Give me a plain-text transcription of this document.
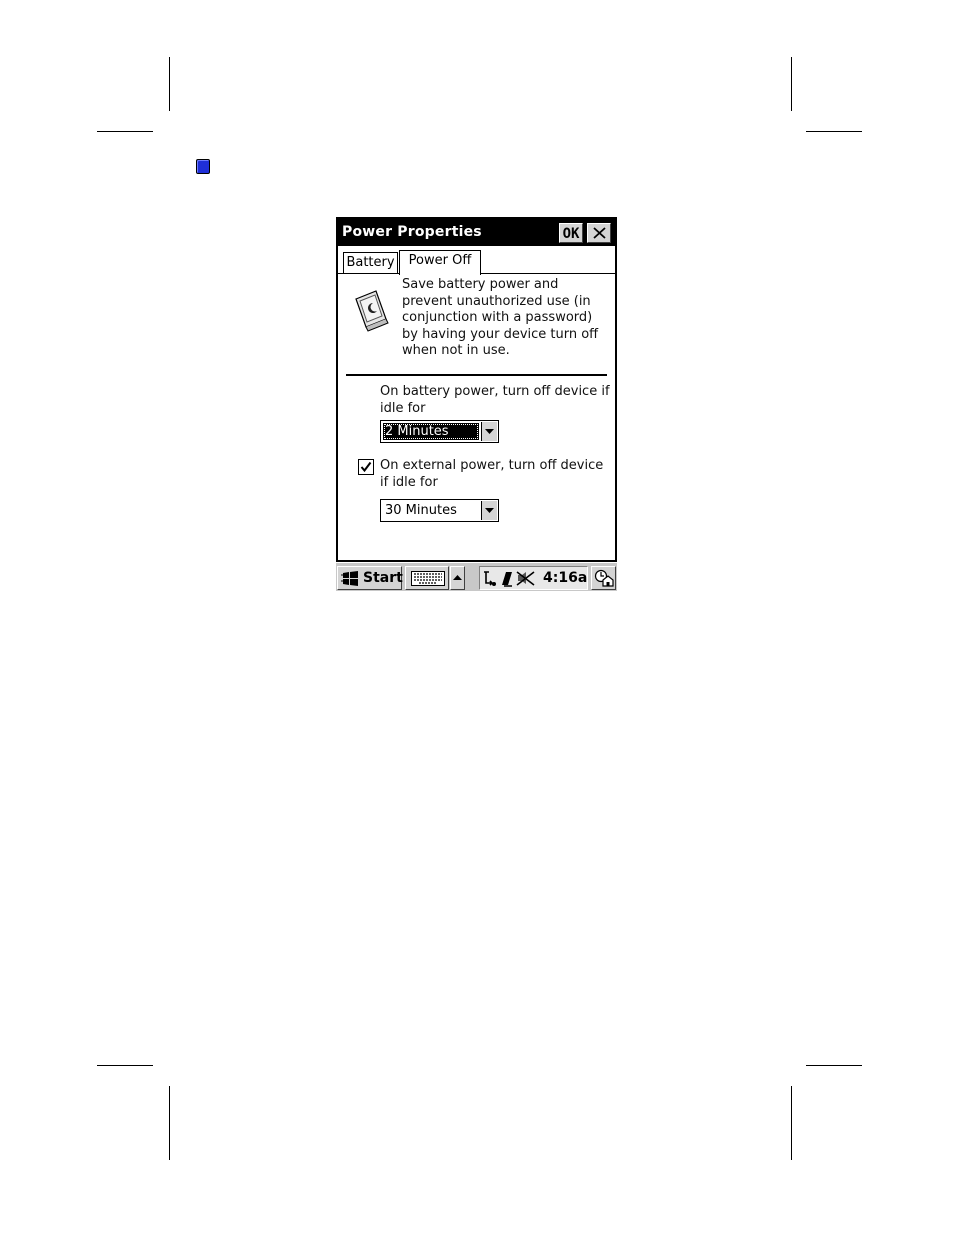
Power Properties	OK
Battery	Power Off
Save battery power and prevent unauthorized use (in conjunction with a password) by having your device turn off when not in use.
On battery power, turn off device if idle for
2 Minutes
On external power, turn off device if idle for
30 Minutes
Start	4:16a
